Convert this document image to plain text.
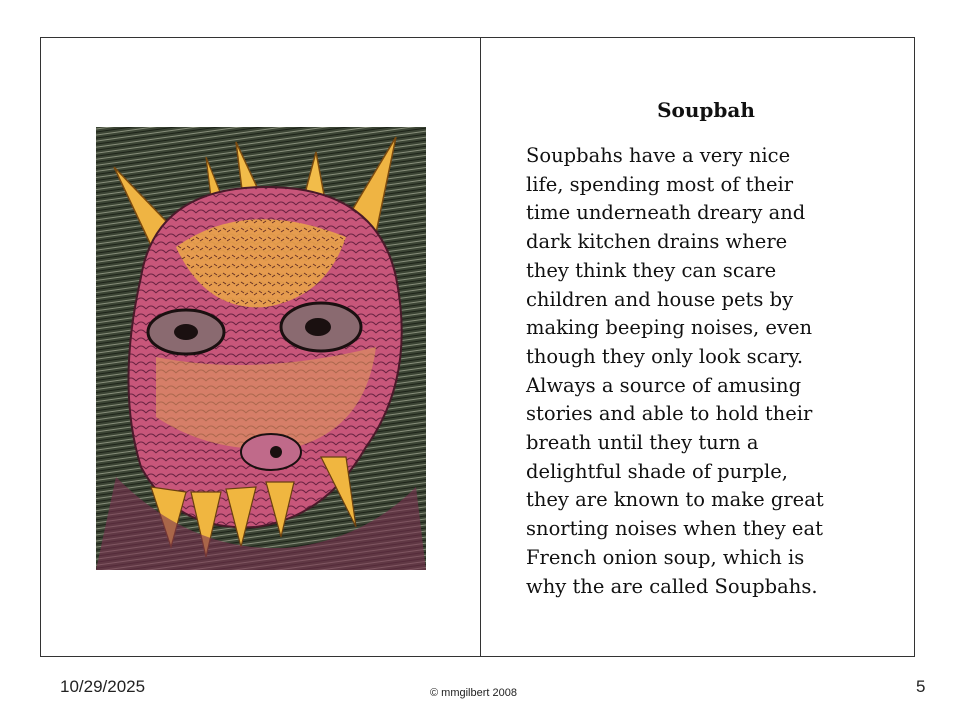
Soupbah
Soupbahs have a very nice
life, spending most of their
time underneath dreary and
dark kitchen drains where
they think they can scare
children and house pets by
making beeping noises, even
though they only look scary.
Always a source of amusing
stories and able to hold their
breath until they turn a
delightful shade of purple,
they are known to make great
snorting noises when they eat
French onion soup, which is
why the are called Soupbahs.
10/29/2025	© mmgilbert 2008	5
